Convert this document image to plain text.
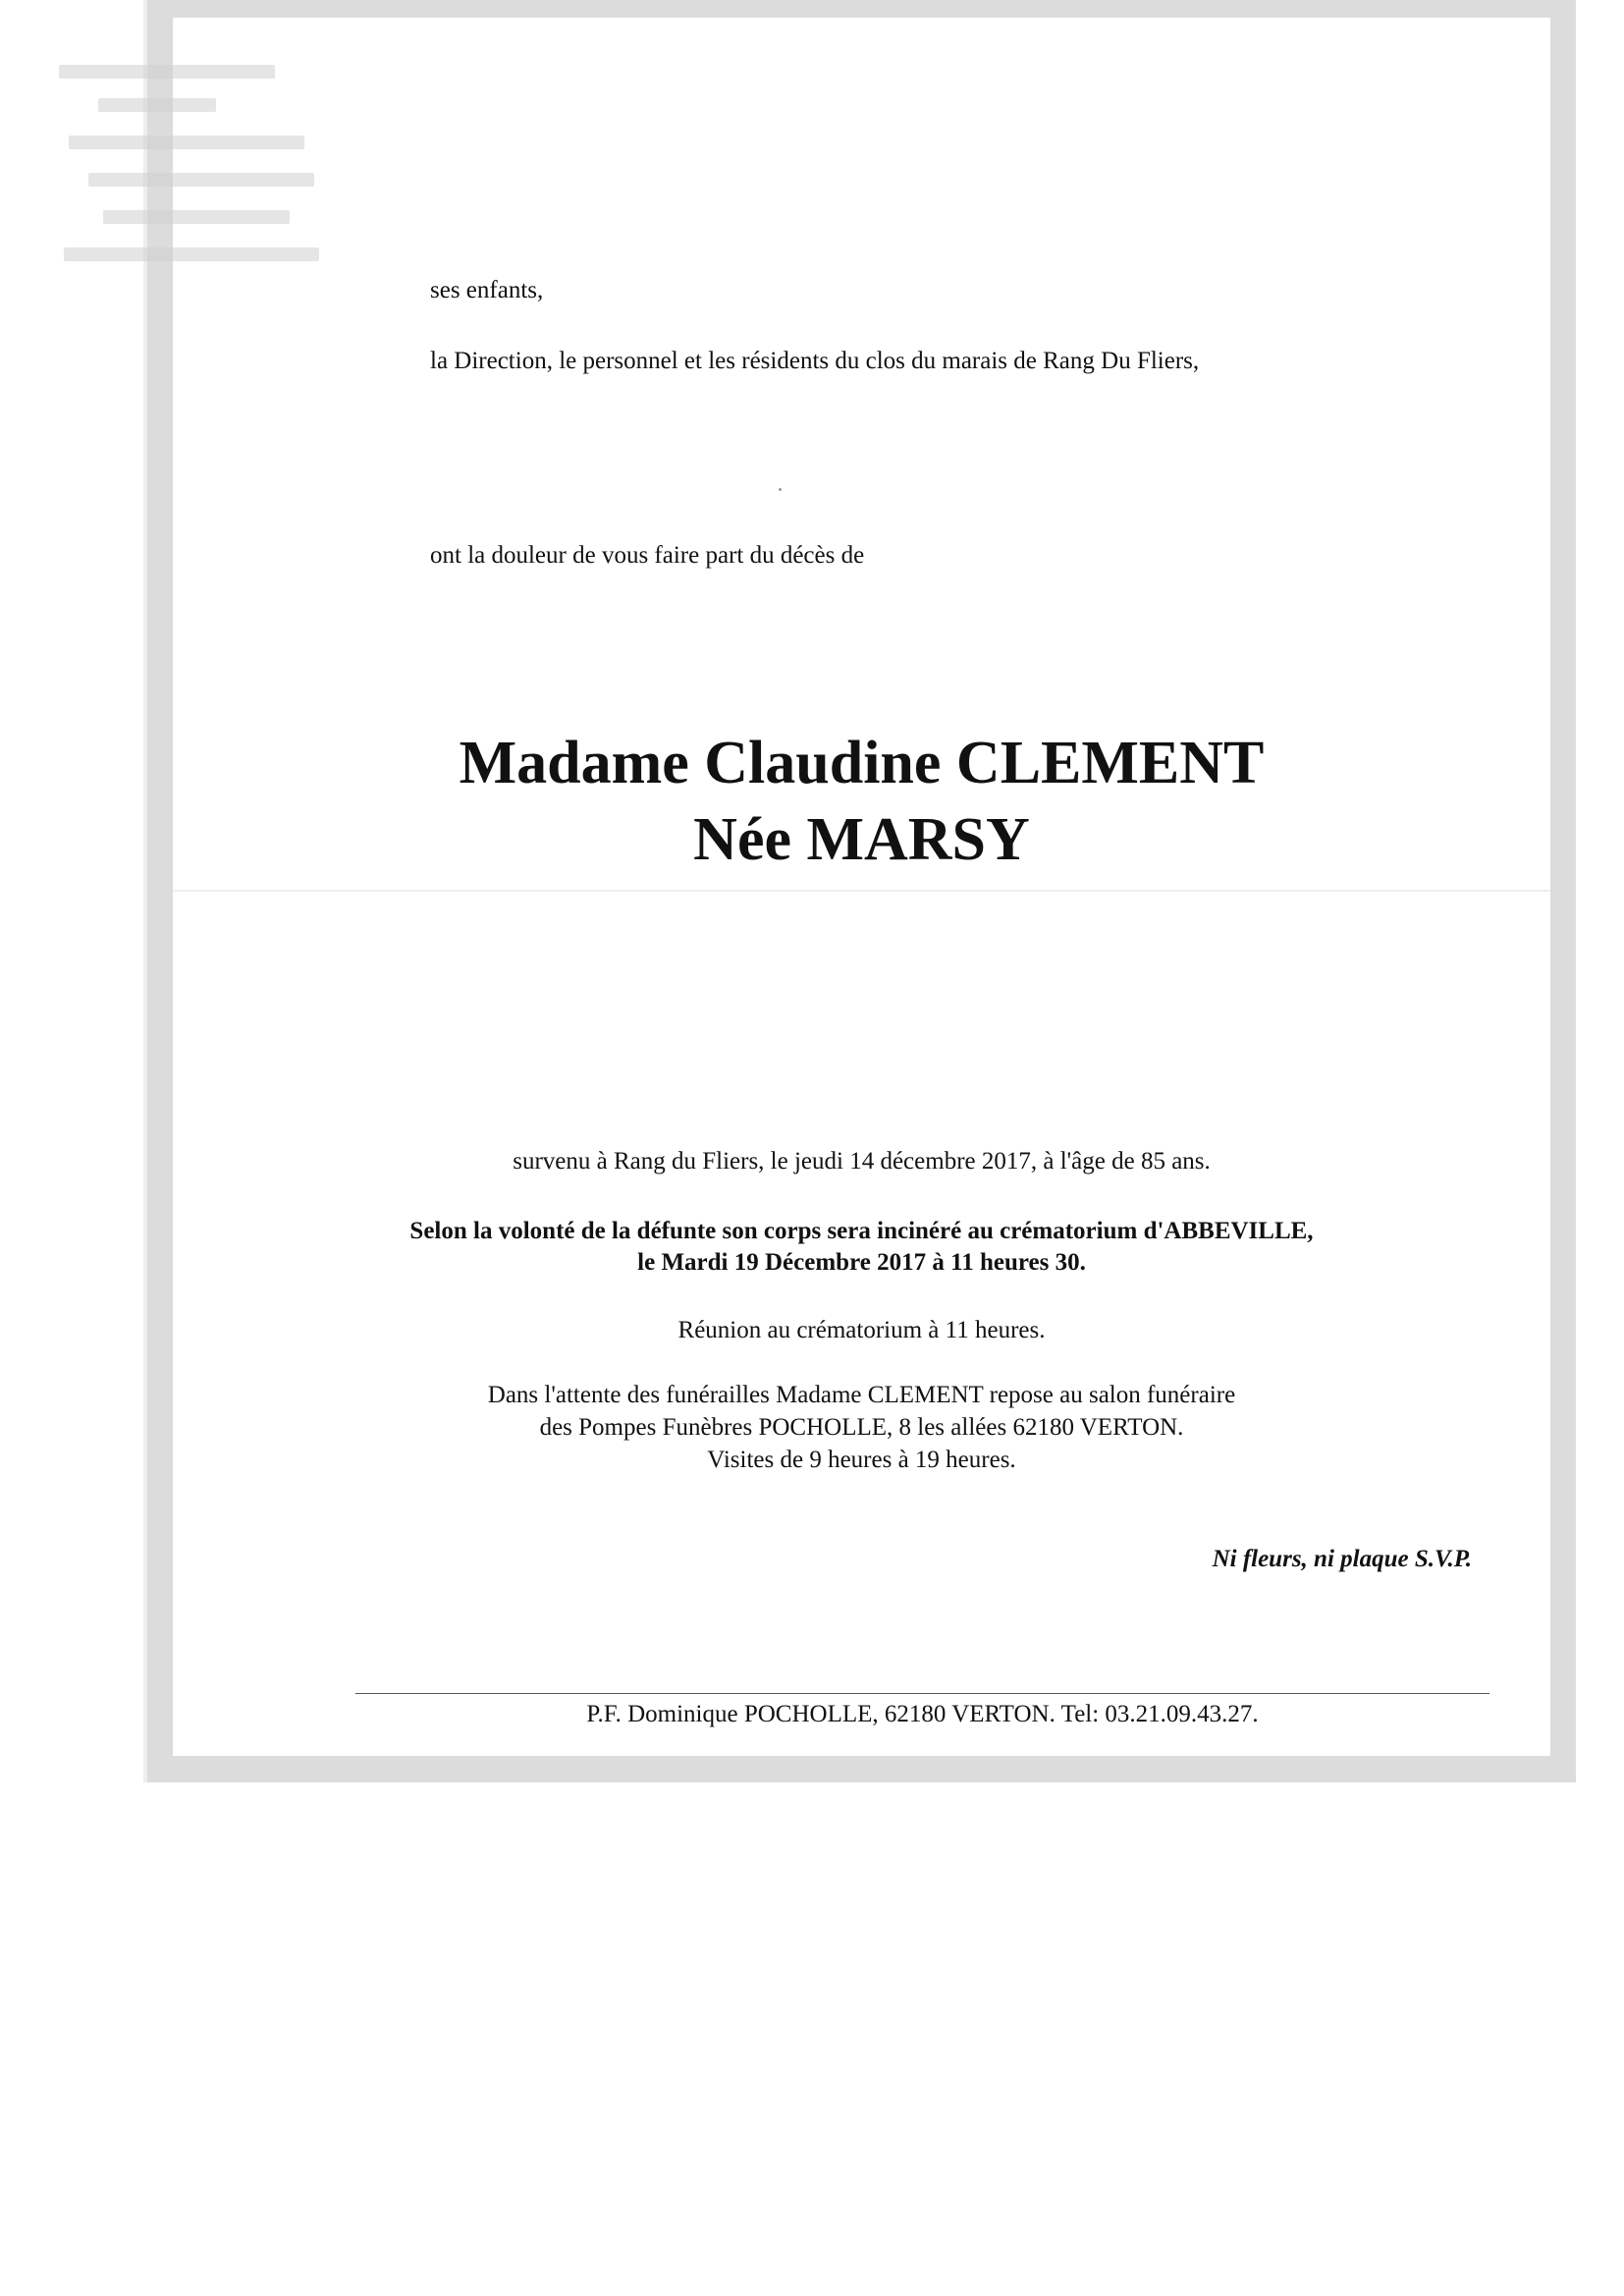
ses enfants,
la Direction, le personnel et les résidents du clos du marais de Rang Du Fliers,
ont la douleur de vous faire part du décès de
Madame Claudine CLEMENT
Née MARSY
survenu à Rang du Fliers, le jeudi 14 décembre 2017, à l'âge de 85 ans.
Selon la volonté de la défunte son corps sera incinéré au crématorium d'ABBEVILLE,
le Mardi 19 Décembre 2017 à 11 heures 30.
Réunion au crématorium à 11 heures.
Dans l'attente des funérailles Madame CLEMENT repose au salon funéraire
des Pompes Funèbres POCHOLLE, 8 les allées 62180 VERTON.
Visites de 9 heures à 19 heures.
Ni fleurs, ni plaque S.V.P.
P.F. Dominique POCHOLLE, 62180 VERTON. Tel: 03.21.09.43.27.
